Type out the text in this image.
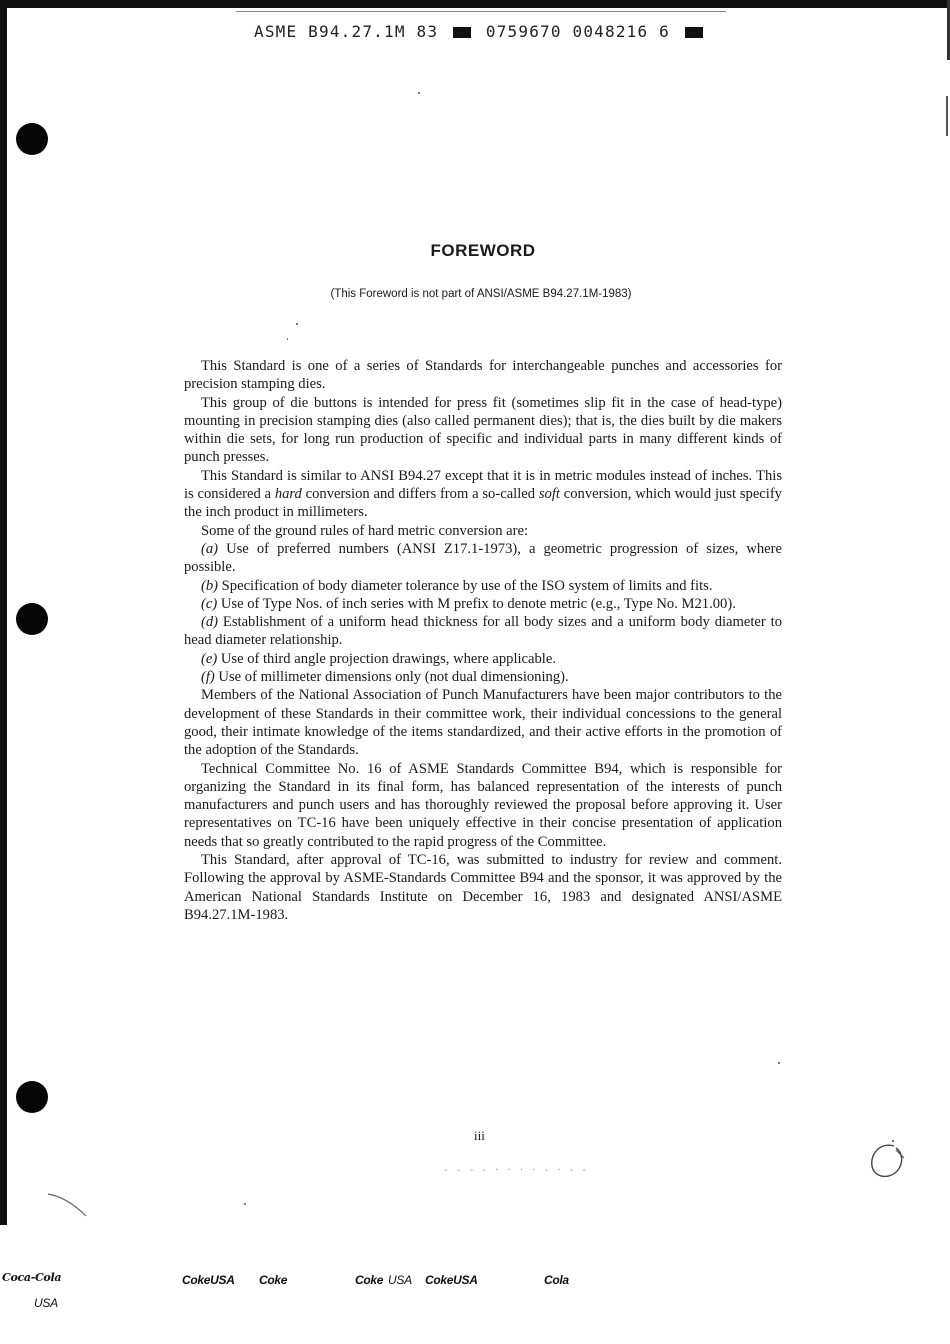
ASME B94.27.1M 83	0759670 0048216 6
FOREWORD
(This Foreword is not part of ANSI/ASME B94.27.1M-1983)

This Standard is one of a series of Standards for interchangeable punches and accessories for precision stamping dies.

This group of die buttons is intended for press fit (sometimes slip fit in the case of head-type) mounting in precision stamping dies (also called permanent dies); that is, the dies built by die makers within die sets, for long run production of specific and individual parts in many different kinds of punch presses.

This Standard is similar to ANSI B94.27 except that it is in metric modules instead of inches. This is considered a hard conversion and differs from a so-called soft conversion, which would just specify the inch product in millimeters.

Some of the ground rules of hard metric conversion are:

(a) Use of preferred numbers (ANSI Z17.1-1973), a geometric progression of sizes, where possible.

(b) Specification of body diameter tolerance by use of the ISO system of limits and fits.

(c) Use of Type Nos. of inch series with M prefix to denote metric (e.g., Type No. M21.00).

(d) Establishment of a uniform head thickness for all body sizes and a uniform body diameter to head diameter relationship.

(e) Use of third angle projection drawings, where applicable.

(f) Use of millimeter dimensions only (not dual dimensioning).

Members of the National Association of Punch Manufacturers have been major contributors to the development of these Standards in their committee work, their individual concessions to the general good, their intimate knowledge of the items standardized, and their active efforts in the promotion of the adoption of the Standards.

Technical Committee No. 16 of ASME Standards Committee B94, which is responsible for organizing the Standard in its final form, has balanced representation of the interests of punch manufacturers and punch users and has thoroughly reviewed the proposal before approving it. User representatives on TC-16 have been uniquely effective in their concise presentation of application needs that so greatly contributed to the rapid progress of the Committee.

This Standard, after approval of TC-16, was submitted to industry for review and comment. Following the approval by ASME-Standards Committee B94 and the sponsor, it was approved by the American National Standards Institute on December 16, 1983 and designated ANSI/ASME B94.27.1M-1983.

iii
- - - - · · · · - · - -
Coca-Cola
USA
CokeUSA Coke	Coke USA CokeUSA	Cola
